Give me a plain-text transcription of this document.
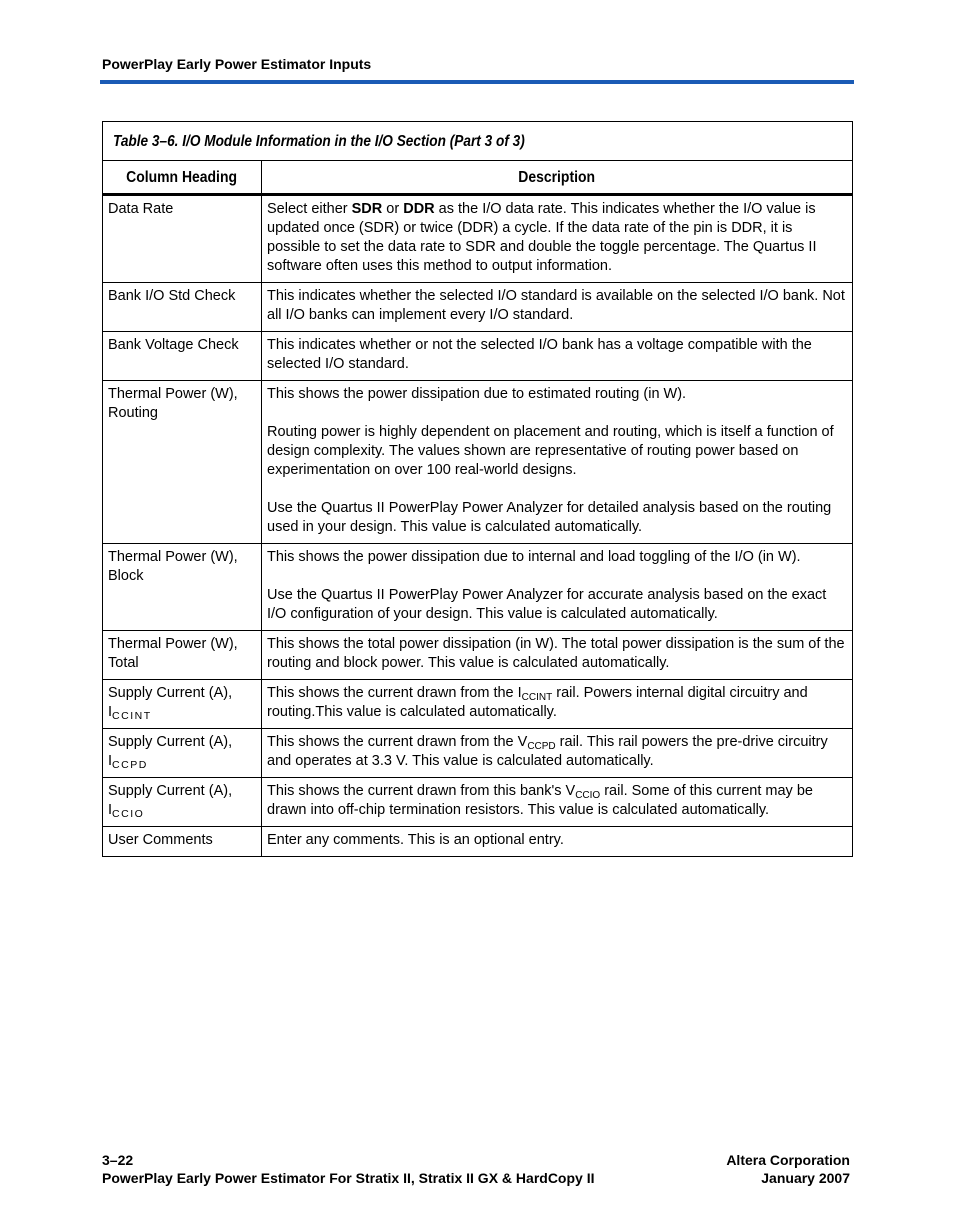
PowerPlay Early Power Estimator Inputs
Table 3–6. I/O Module Information in the I/O Section (Part 3 of 3)	
Column Heading	Description
Data Rate	Select either SDR or DDR as the I/O data rate. This indicates whether the I/O value is updated once (SDR) or twice (DDR) a cycle. If the data rate of the pin is DDR, it is possible to set the data rate to SDR and double the toggle percentage. The Quartus II software often uses this method to output information.

Bank I/O Std Check	This indicates whether the selected I/O standard is available on the selected I/O bank. Not all I/O banks can implement every I/O standard.

Bank Voltage Check	This indicates whether or not the selected I/O bank has a voltage compatible with the selected I/O standard.

Thermal Power (W), Routing	This shows the power dissipation due to estimated routing (in W).

Routing power is highly dependent on placement and routing, which is itself a function of design complexity. The values shown are representative of routing power based on experimentation on over 100 real-world designs.

Use the Quartus II PowerPlay Power Analyzer for detailed analysis based on the routing used in your design. This value is calculated automatically.

Thermal Power (W), Block	This shows the power dissipation due to internal and load toggling of the I/O (in W).

Use the Quartus II PowerPlay Power Analyzer for accurate analysis based on the exact I/O configuration of your design. This value is calculated automatically.

Thermal Power (W), Total	This shows the total power dissipation (in W). The total power dissipation is the sum of the routing and block power. This value is calculated automatically.

Supply Current (A),
$I_{CCINT}$	This shows the current drawn from the $I_{CCINT}$ rail. Powers internal digital circuitry and routing.This value is calculated automatically.

Supply Current (A),
$I_{CCPD}$	This shows the current drawn from the $V_{CCPD}$ rail. This rail powers the pre-drive circuitry and operates at 3.3 V. This value is calculated automatically.

Supply Current (A),
$I_{CCIO}$	This shows the current drawn from this bank's $V_{CCIO}$ rail. Some of this current may be drawn into off-chip termination resistors. This value is calculated automatically.

User Comments	Enter any comments. This is an optional entry.

3–22
PowerPlay Early Power Estimator For Stratix II, Stratix II GX & HardCopy II
Altera Corporation
January 2007
